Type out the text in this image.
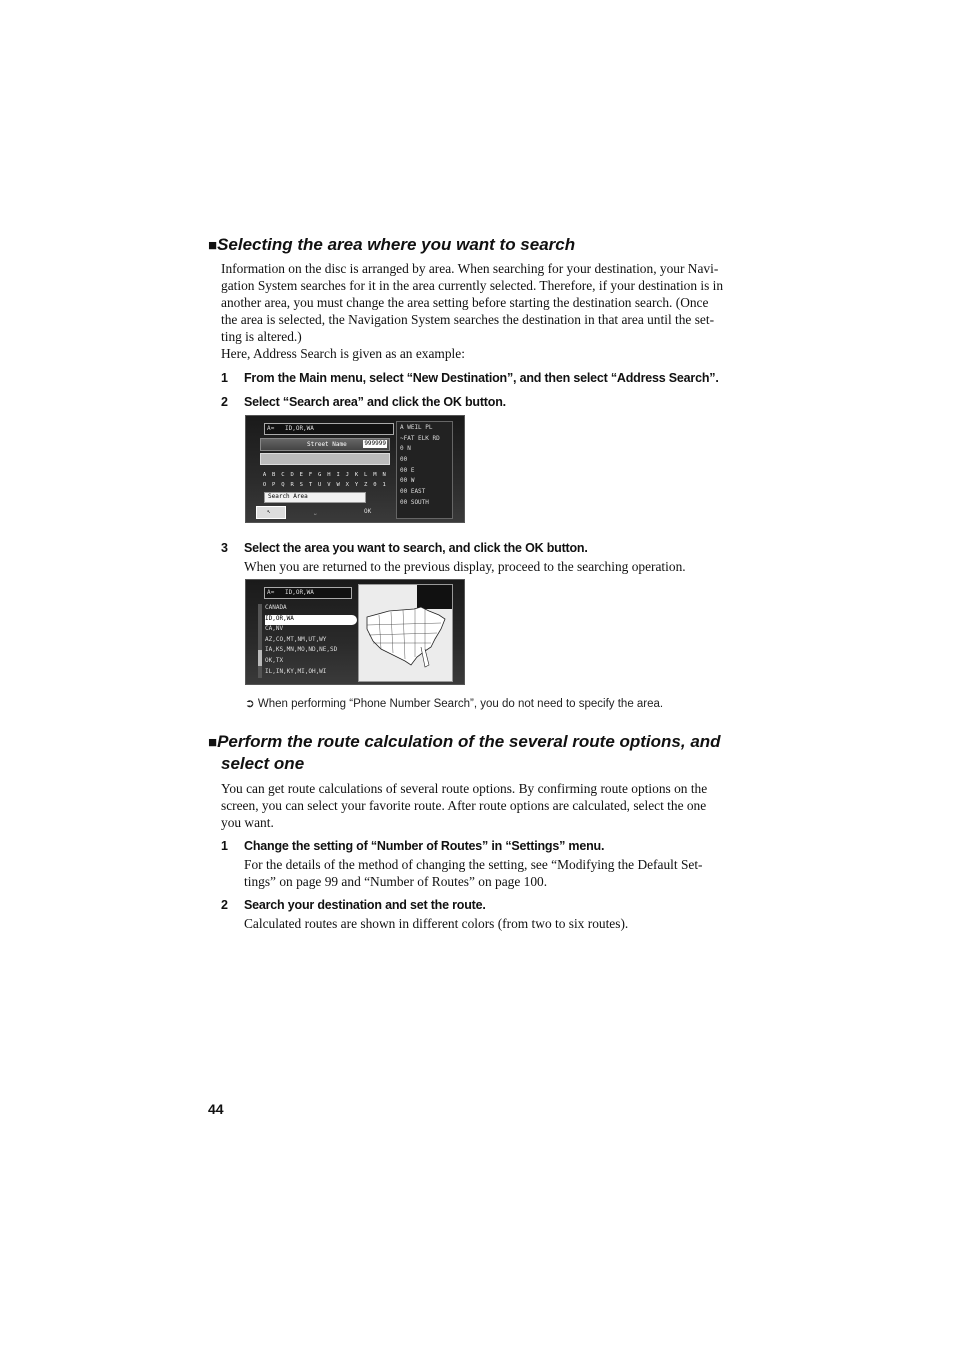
■Selecting the area where you want to search
Information on the disc is arranged by area. When searching for your destination, your Navi-
gation System searches for it in the area currently selected. Therefore, if your destination is in
another area, you must change the area setting before starting the destination search. (Once
the area is selected, the Navigation System searches the destination in that area until the set-
ting is altered.)
Here, Address Search is given as an example:
1 From the Main menu, select “New Destination”, and then select “Address Search”.
2 Select “Search area” and click the OK button.
A≈ ID,OR,WA
Street Name	999999
A	B	C	D	E	F	G	H	I	J	K	L	M	N
O	P	Q	R	S	T	U	V	W	X	Y	Z	0	1
Search Area
↖	⎵	OK
A WEIL PL
~FAT ELK RD
0 N
00
00 E
00 W
00 EAST
00 SOUTH
3 Select the area you want to search, and click the OK button.
When you are returned to the previous display, proceed to the searching operation.
A≈ ID,OR,WA
CANADA
ID,OR,WA
CA,NV
AZ,CO,MT,NM,UT,WY
IA,KS,MN,MO,ND,NE,SD
OK,TX
IL,IN,KY,MI,OH,WI
➲ When performing “Phone Number Search”, you do not need to specify the area.
■Perform the route calculation of the several route options, and
select one
You can get route calculations of several route options. By confirming route options on the
screen, you can select your favorite route. After route options are calculated, select the one
you want.
1 Change the setting of “Number of Routes” in “Settings” menu.
For the details of the method of changing the setting, see “Modifying the Default Set-
tings” on page 99 and “Number of Routes” on page 100.
2 Search your destination and set the route.
Calculated routes are shown in different colors (from two to six routes).
44
